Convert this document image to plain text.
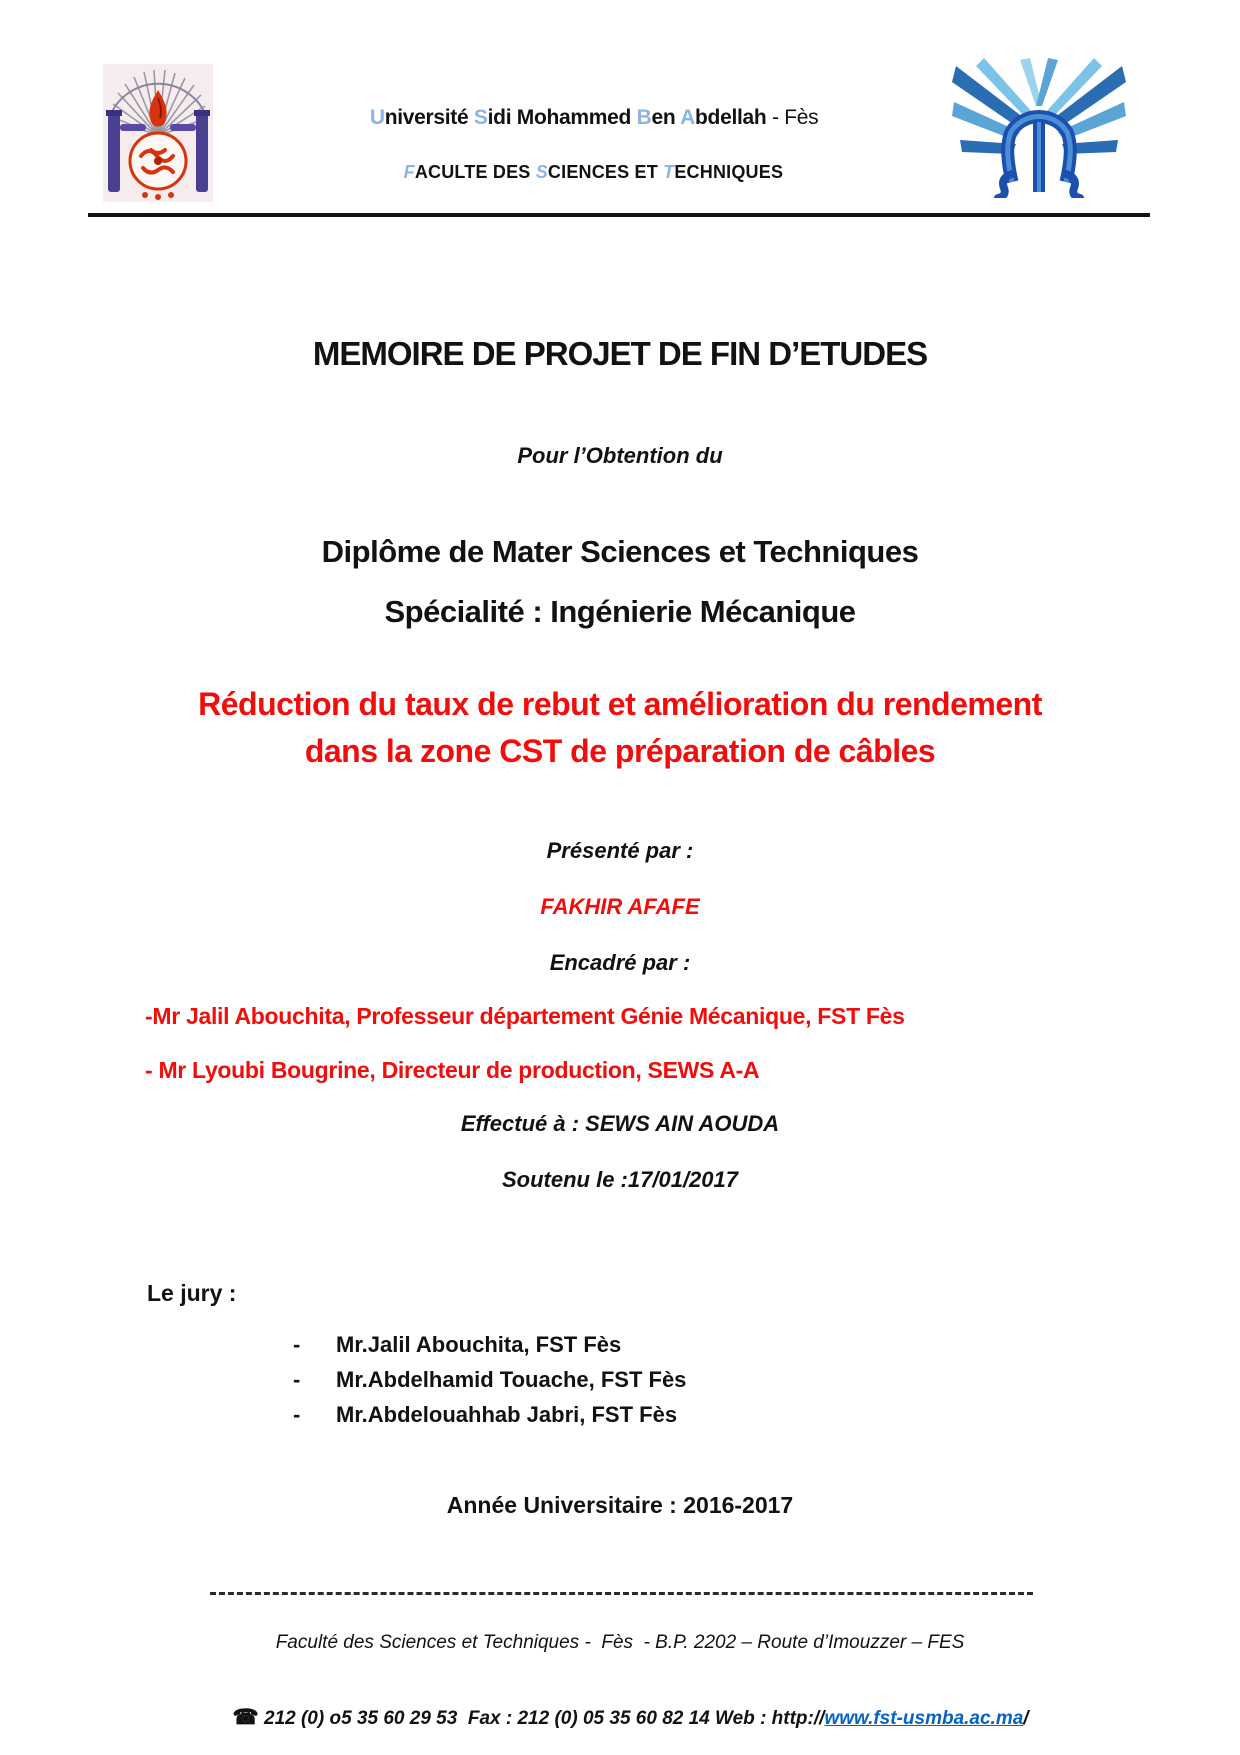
Université Sidi Mohammed Ben Abdellah - Fès

FACULTE DES SCIENCES ET TECHNIQUES

MEMOIRE DE PROJET DE FIN D’ETUDES
Pour l’Obtention du
Diplôme de Mater Sciences et Techniques
Spécialité : Ingénierie Mécanique
Réduction du taux de rebut et amélioration du rendement
dans la zone CST de préparation de câbles
Présenté par :
FAKHIR AFAFE
Encadré par :
-Mr Jalil Abouchita, Professeur département Génie Mécanique, FST Fès
- Mr Lyoubi Bougrine, Directeur de production, SEWS A-A
Effectué à : SEWS AIN AOUDA
Soutenu le :17/01/2017
Le jury :
-	Mr.Jalil Abouchita, FST Fès
-	Mr.Abdelhamid Touache, FST Fès
-	Mr.Abdelouahhab Jabri, FST Fès
Année Universitaire : 2016-2017
Faculté des Sciences et Techniques -  Fès  - B.P. 2202 – Route d’Imouzzer – FES

☎ 212 (0) o5 35 60 29 53  Fax : 212 (0) 05 35 60 82 14 Web : http://www.fst-usmba.ac.ma/
